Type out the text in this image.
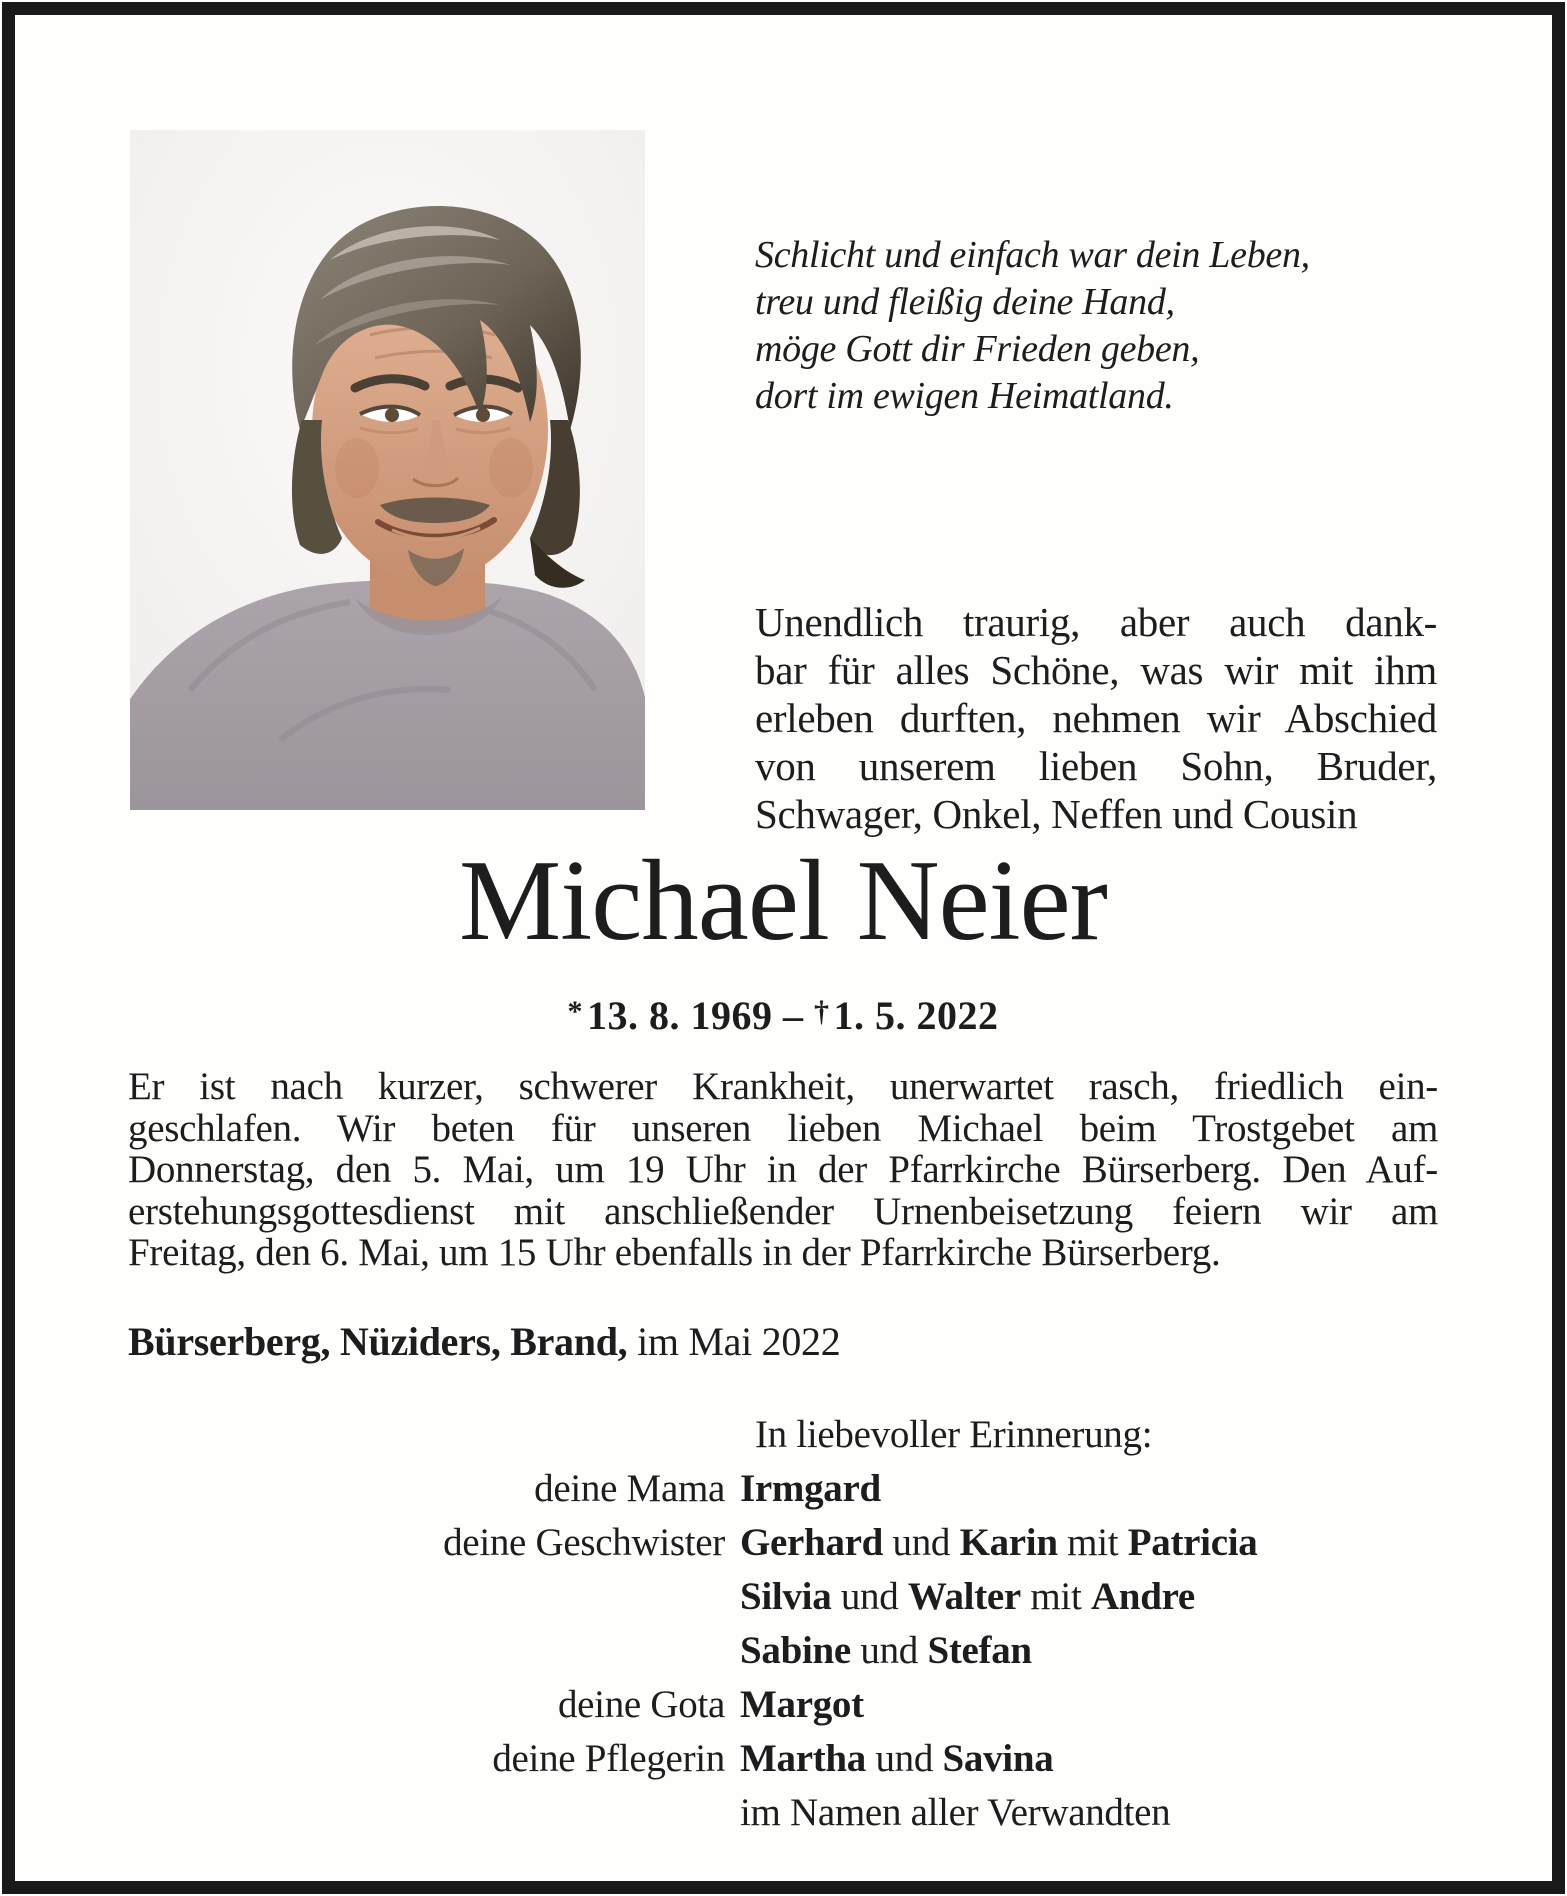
Schlicht und einfach war dein Leben,
treu und fleißig deine Hand,
möge Gott dir Frieden geben,
dort im ewigen Heimatland.
Unendlich traurig, aber auch dank-
bar für alles Schöne, was wir mit ihm
erleben durften, nehmen wir Abschied
von unserem lieben Sohn, Bruder,
Schwager, Onkel, Neffen und Cousin
Michael Neier
* 13. 8. 1969 – † 1. 5. 2022
Er ist nach kurzer, schwerer Krankheit, unerwartet rasch, friedlich ein-
geschlafen. Wir beten für unseren lieben Michael beim Trostgebet am
Donnerstag, den 5. Mai, um 19 Uhr in der Pfarrkirche Bürserberg. Den Auf-
erstehungsgottesdienst mit anschließender Urnenbeisetzung feiern wir am
Freitag, den 6. Mai, um 15 Uhr ebenfalls in der Pfarrkirche Bürserberg.
Bürserberg, Nüziders, Brand, im Mai 2022
In liebevoller Erinnerung:
deine Mama Irmgard
deine Geschwister Gerhard und Karin mit Patricia
Silvia und Walter mit Andre
Sabine und Stefan
deine Gota Margot
deine Pflegerin Martha und Savina
im Namen aller Verwandten
